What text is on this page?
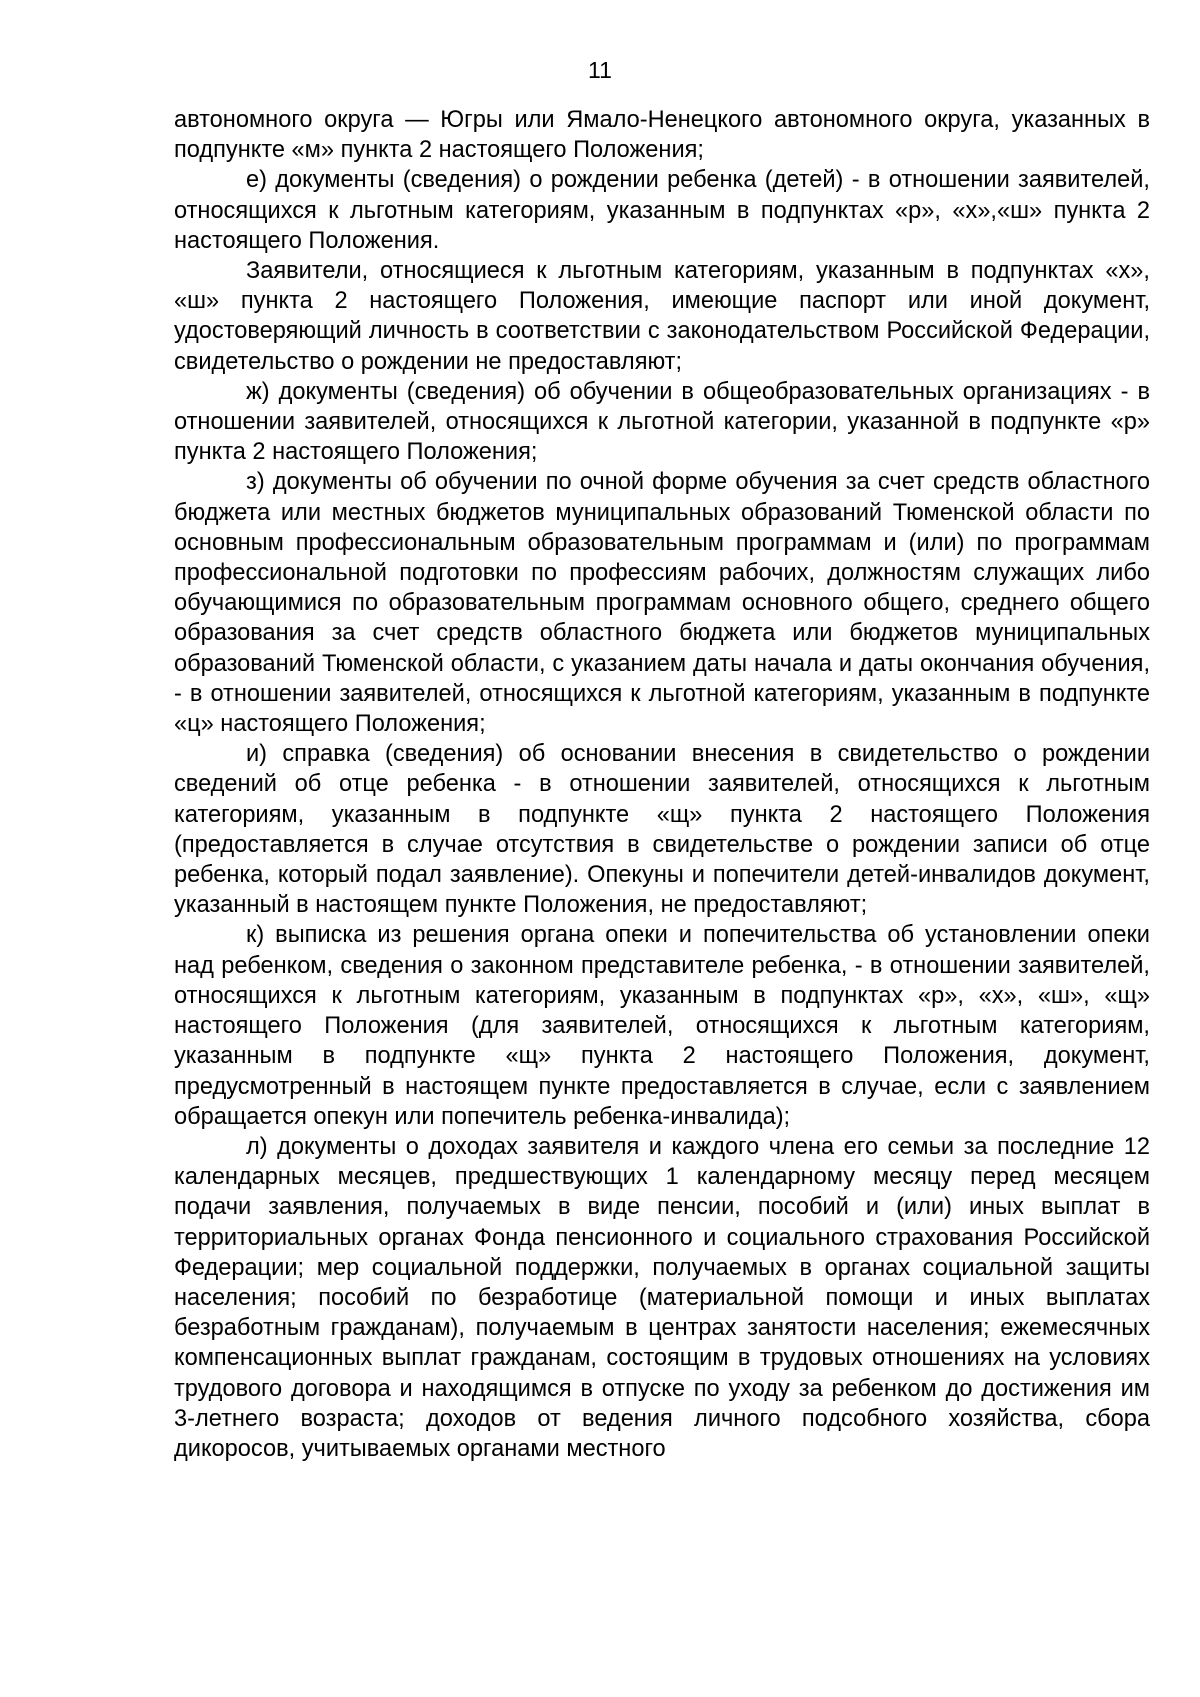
11

автономного округа — Югры или Ямало-Ненецкого автономного округа, указанных в подпункте «м» пункта 2 настоящего Положения;

е) документы (сведения) о рождении ребенка (детей) - в отношении заявителей, относящихся к льготным категориям, указанным в подпунктах «р», «х»,«ш» пункта 2 настоящего Положения.

Заявители, относящиеся к льготным категориям, указанным в подпунктах «х», «ш» пункта 2 настоящего Положения, имеющие паспорт или иной документ, удостоверяющий личность в соответствии с законодательством Российской Федерации, свидетельство о рождении не предоставляют;

ж) документы (сведения) об обучении в общеобразовательных организациях - в отношении заявителей, относящихся к льготной категории, указанной в подпункте «р» пункта 2 настоящего Положения;

з) документы об обучении по очной форме обучения за счет средств областного бюджета или местных бюджетов муниципальных образований Тюменской области по основным профессиональным образовательным программам и (или) по программам профессиональной подготовки по профессиям рабочих, должностям служащих либо обучающимися по образовательным программам основного общего, среднего общего образования за счет средств областного бюджета или бюджетов муниципальных образований Тюменской области, с указанием даты начала и даты окончания обучения, - в отношении заявителей, относящихся к льготной категориям, указанным в подпункте «ц» настоящего Положения;

и) справка (сведения) об основании внесения в свидетельство о рождении сведений об отце ребенка - в отношении заявителей, относящихся к льготным категориям, указанным в подпункте «щ» пункта 2 настоящего Положения (предоставляется в случае отсутствия в свидетельстве о рождении записи об отце ребенка, который подал заявление). Опекуны и попечители детей-инвалидов документ, указанный в настоящем пункте Положения, не предоставляют;

к) выписка из решения органа опеки и попечительства об установлении опеки над ребенком, сведения о законном представителе ребенка, - в отношении заявителей, относящихся к льготным категориям, указанным в подпунктах «р», «х», «ш», «щ» настоящего Положения (для заявителей, относящихся к льготным категориям, указанным в подпункте «щ» пункта 2 настоящего Положения, документ, предусмотренный в настоящем пункте предоставляется в случае, если с заявлением обращается опекун или попечитель ребенка-инвалида);

л) документы о доходах заявителя и каждого члена его семьи за последние 12 календарных месяцев, предшествующих 1 календарному месяцу перед месяцем подачи заявления, получаемых в виде пенсии, пособий и (или) иных выплат в территориальных органах Фонда пенсионного и социального страхования Российской Федерации; мер социальной поддержки, получаемых в органах социальной защиты населения; пособий по безработице (материальной помощи и иных выплатах безработным гражданам), получаемым в центрах занятости населения; ежемесячных компенсационных выплат гражданам, состоящим в трудовых отношениях на условиях трудового договора и находящимся в отпуске по уходу за ребенком до достижения им 3-летнего возраста; доходов от ведения личного подсобного хозяйства, сбора дикоросов, учитываемых органами местного
